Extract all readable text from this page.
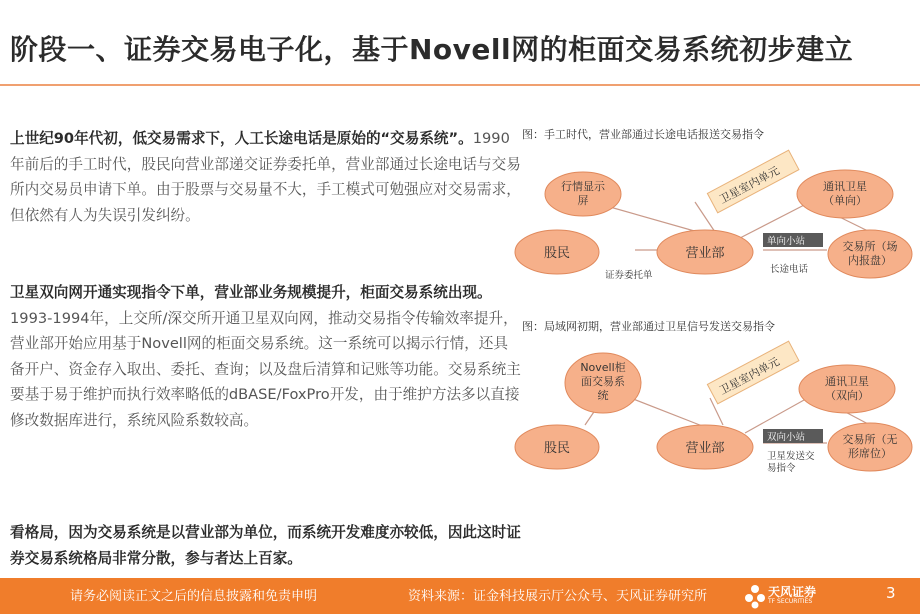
阶段一、证券交易电子化，基于Novell网的柜面交易系统初步建立
上世纪90年代初，低交易需求下，人工长途电话是原始的“交易系统”。1990年前后的手工时代，股民向营业部递交证券委托单，营业部通过长途电话与交易所内交易员申请下单。由于股票与交易量不大，手工模式可勉强应对交易需求，但依然有人为失误引发纠纷。
卫星双向网开通实现指令下单，营业部业务规模提升，柜面交易系统出现。1993-1994年，上交所/深交所开通卫星双向网，推动交易指令传输效率提升，营业部开始应用基于Novell网的柜面交易系统。这一系统可以揭示行情，还具备开户、资金存入取出、委托、查询；以及盘后清算和记账等功能。交易系统主要基于易于维护而执行效率略低的dBASE/FoxPro开发，由于维护方法多以直接修改数据库进行，系统风险系数较高。
看格局，因为交易系统是以营业部为单位，而系统开发难度亦较低，因此这时证券交易系统格局非常分散，参与者达上百家。
图：手工时代，营业部通过长途电话报送交易指令
行情显示
屏
通讯卫星
（单向）
股民	营业部	交易所（场
内报盘）
卫星室内单元
单向小站
证券委托单
长途电话
图：局域网初期，营业部通过卫星信号发送交易指令
Novell柜
面交易系
统
通讯卫星
（双向）
股民	营业部
交易所（无
形席位）
卫星室内单元
双向小站
卫星发送交
易指令
请务必阅读正文之后的信息披露和免责申明	资料来源：证金科技展示厅公众号、天风证券研究所	天风证券
TF SECURITIES	3
